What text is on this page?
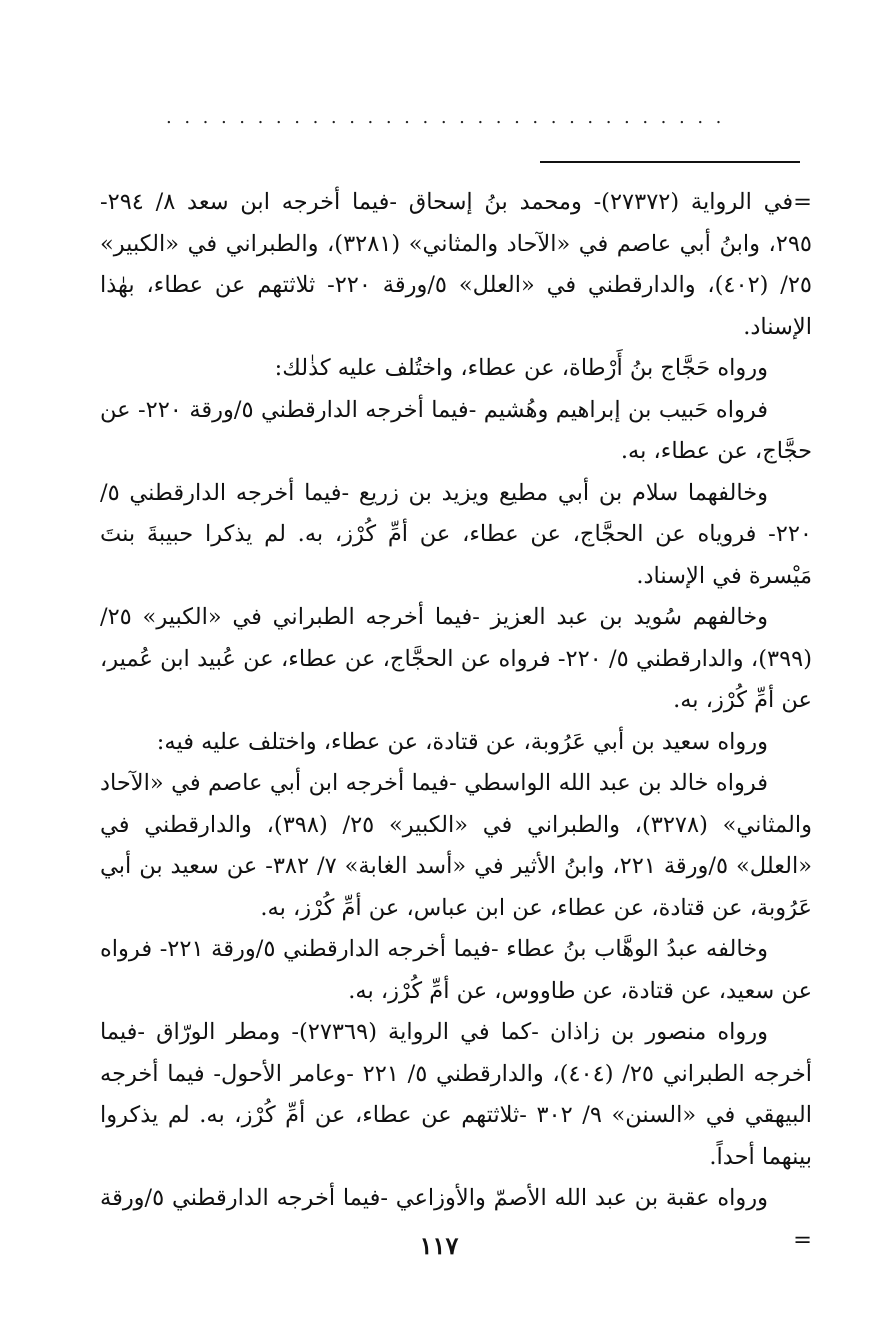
...............................

=في الرواية (٢٧٣٧٢)- ومحمد بنُ إسحاق -فيما أخرجه ابن سعد ٨/ ٢٩٤- ٢٩٥، وابنُ أبي عاصم في «الآحاد والمثاني» (٣٢٨١)، والطبراني في «الكبير» ٢٥/ (٤٠٢)، والدارقطني في «العلل» ٥/ورقة ٢٢٠- ثلاثتهم عن عطاء، بهٰذا الإسناد.

ورواه حَجَّاج بنُ أَرْطاة، عن عطاء، واختُلف عليه كذٰلك:

فرواه حَبيب بن إبراهيم وهُشيم -فيما أخرجه الدارقطني ٥/ورقة ٢٢٠- عن حجَّاج، عن عطاء، به.

وخالفهما سلام بن أبي مطيع ويزيد بن زريع -فيما أخرجه الدارقطني ٥/ ٢٢٠- فروياه عن الحجَّاج، عن عطاء، عن أمِّ كُرْز، به. لم يذكرا حبيبةَ بنتَ مَيْسرة في الإسناد.

وخالفهم سُويد بن عبد العزيز -فيما أخرجه الطبراني في «الكبير» ٢٥/ (٣٩٩)، والدارقطني ٥/ ٢٢٠- فرواه عن الحجَّاج، عن عطاء، عن عُبيد ابن عُمير، عن أمِّ كُرْز، به.

ورواه سعيد بن أبي عَرُوبة، عن قتادة، عن عطاء، واختلف عليه فيه:

فرواه خالد بن عبد الله الواسطي -فيما أخرجه ابن أبي عاصم في «الآحاد والمثاني» (٣٢٧٨)، والطبراني في «الكبير» ٢٥/ (٣٩٨)، والدارقطني في «العلل» ٥/ورقة ٢٢١، وابنُ الأثير في «أسد الغابة» ٧/ ٣٨٢- عن سعيد بن أبي عَرُوبة، عن قتادة، عن عطاء، عن ابن عباس، عن أمِّ كُرْز، به.

وخالفه عبدُ الوهَّاب بنُ عطاء -فيما أخرجه الدارقطني ٥/ورقة ٢٢١- فرواه عن سعيد، عن قتادة، عن طاووس، عن أمِّ كُرْز، به.

ورواه منصور بن زاذان -كما في الرواية (٢٧٣٦٩)- ومطر الورّاق -فيما أخرجه الطبراني ٢٥/ (٤٠٤)، والدارقطني ٥/ ٢٢١ -وعامر الأحول- فيما أخرجه البيهقي في «السنن» ٩/ ٣٠٢ -ثلاثتهم عن عطاء، عن أمِّ كُرْز، به. لم يذكروا بينهما أحداً.

ورواه عقبة بن عبد الله الأصمّ والأوزاعي -فيما أخرجه الدارقطني ٥/ورقة =

١١٧
